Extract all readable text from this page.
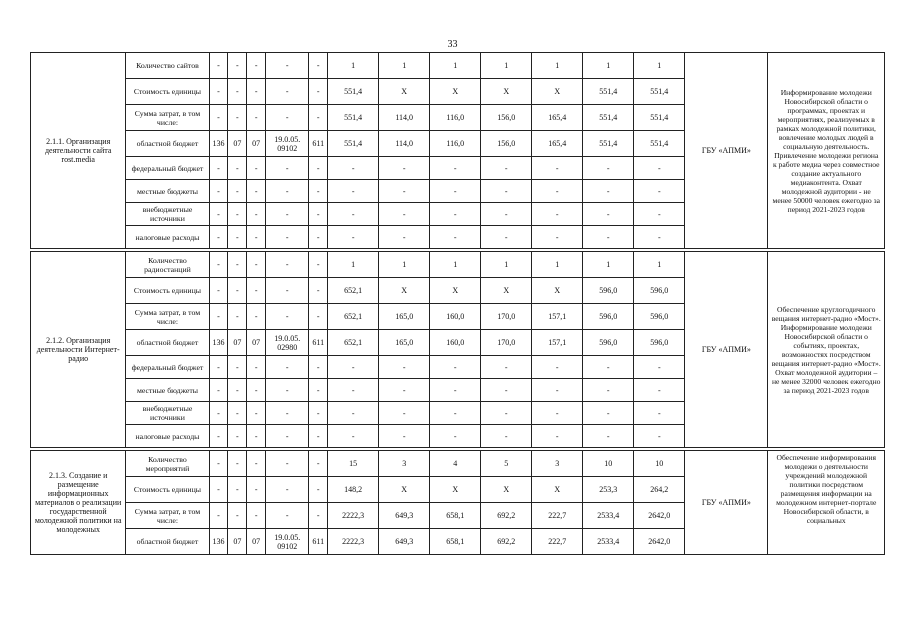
33
2.1.1. Организация деятельности сайта rost.media	Количество сайтов	-	-	-	-	-	1	1	1	1	1	1	1	ГБУ «АПМИ»	Информирование молодежи Новосибирской области о программах, проектах и мероприятиях, реализуемых в рамках молодежной политики, вовлечение молодых людей в социальную деятельность. Привлечение молодежи региона к работе медиа через совместное создание актуального медиаконтента. Охват молодежной аудитории - не менее 50000 человек ежегодно за период 2021-2023 годов
	Стоимость единицы	-	-	-	-	-	551,4	Х	Х	Х	Х	551,4	551,4		
	Сумма затрат, в том числе:	-	-	-	-	-	551,4	114,0	116,0	156,0	165,4	551,4	551,4		
	областной бюджет	136	07	07	19.0.05. 09102	611	551,4	114,0	116,0	156,0	165,4	551,4	551,4		
	федеральный бюджет	-	-	-	-	-	-	-	-	-	-	-	-		
	местные бюджеты	-	-	-	-	-	-	-	-	-	-	-	-		
	внебюджетные источники	-	-	-	-	-	-	-	-	-	-	-	-		
	налоговые расходы	-	-	-	-	-	-	-	-	-	-	-	-		

2.1.2. Организация деятельности Интернет-радио	Количество радиостанций	-	-	-	-	-	1	1	1	1	1	1	1	ГБУ «АПМИ»	Обеспечение круглогодичного вещания интернет-радио «Мост». Информирование молодежи Новосибирской области о событиях, проектах, возможностях посредством вещания интернет-радио «Мост». Охват молодежной аудитории – не менее 32000 человек ежегодно за период 2021-2023 годов
	Стоимость единицы	-	-	-	-	-	652,1	Х	Х	Х	Х	596,0	596,0		
	Сумма затрат, в том числе:	-	-	-	-	-	652,1	165,0	160,0	170,0	157,1	596,0	596,0		
	областной бюджет	136	07	07	19.0.05. 02980	611	652,1	165,0	160,0	170,0	157,1	596,0	596,0		
	федеральный бюджет	-	-	-	-	-	-	-	-	-	-	-	-		
	местные бюджеты	-	-	-	-	-	-	-	-	-	-	-	-		
	внебюджетные источники	-	-	-	-	-	-	-	-	-	-	-	-		
	налоговые расходы	-	-	-	-	-	-	-	-	-	-	-	-		

2.1.3. Создание и размещение информационных материалов о реализации государственной молодежной политики на молодежных	Количество мероприятий	-	-	-	-	-	15	3	4	5	3	10	10	ГБУ «АПМИ»	Обеспечение информирования молодежи о деятельности учреждений молодежной политики посредством размещения информации на молодежном интернет-портале Новосибирской области, в социальных
	Стоимость единицы	-	-	-	-	-	148,2	Х	Х	Х	Х	253,3	264,2		
	Сумма затрат, в том числе:	-	-	-	-	-	2222,3	649,3	658,1	692,2	222,7	2533,4	2642,0		
	областной бюджет	136	07	07	19.0.05. 09102	611	2222,3	649,3	658,1	692,2	222,7	2533,4	2642,0		
